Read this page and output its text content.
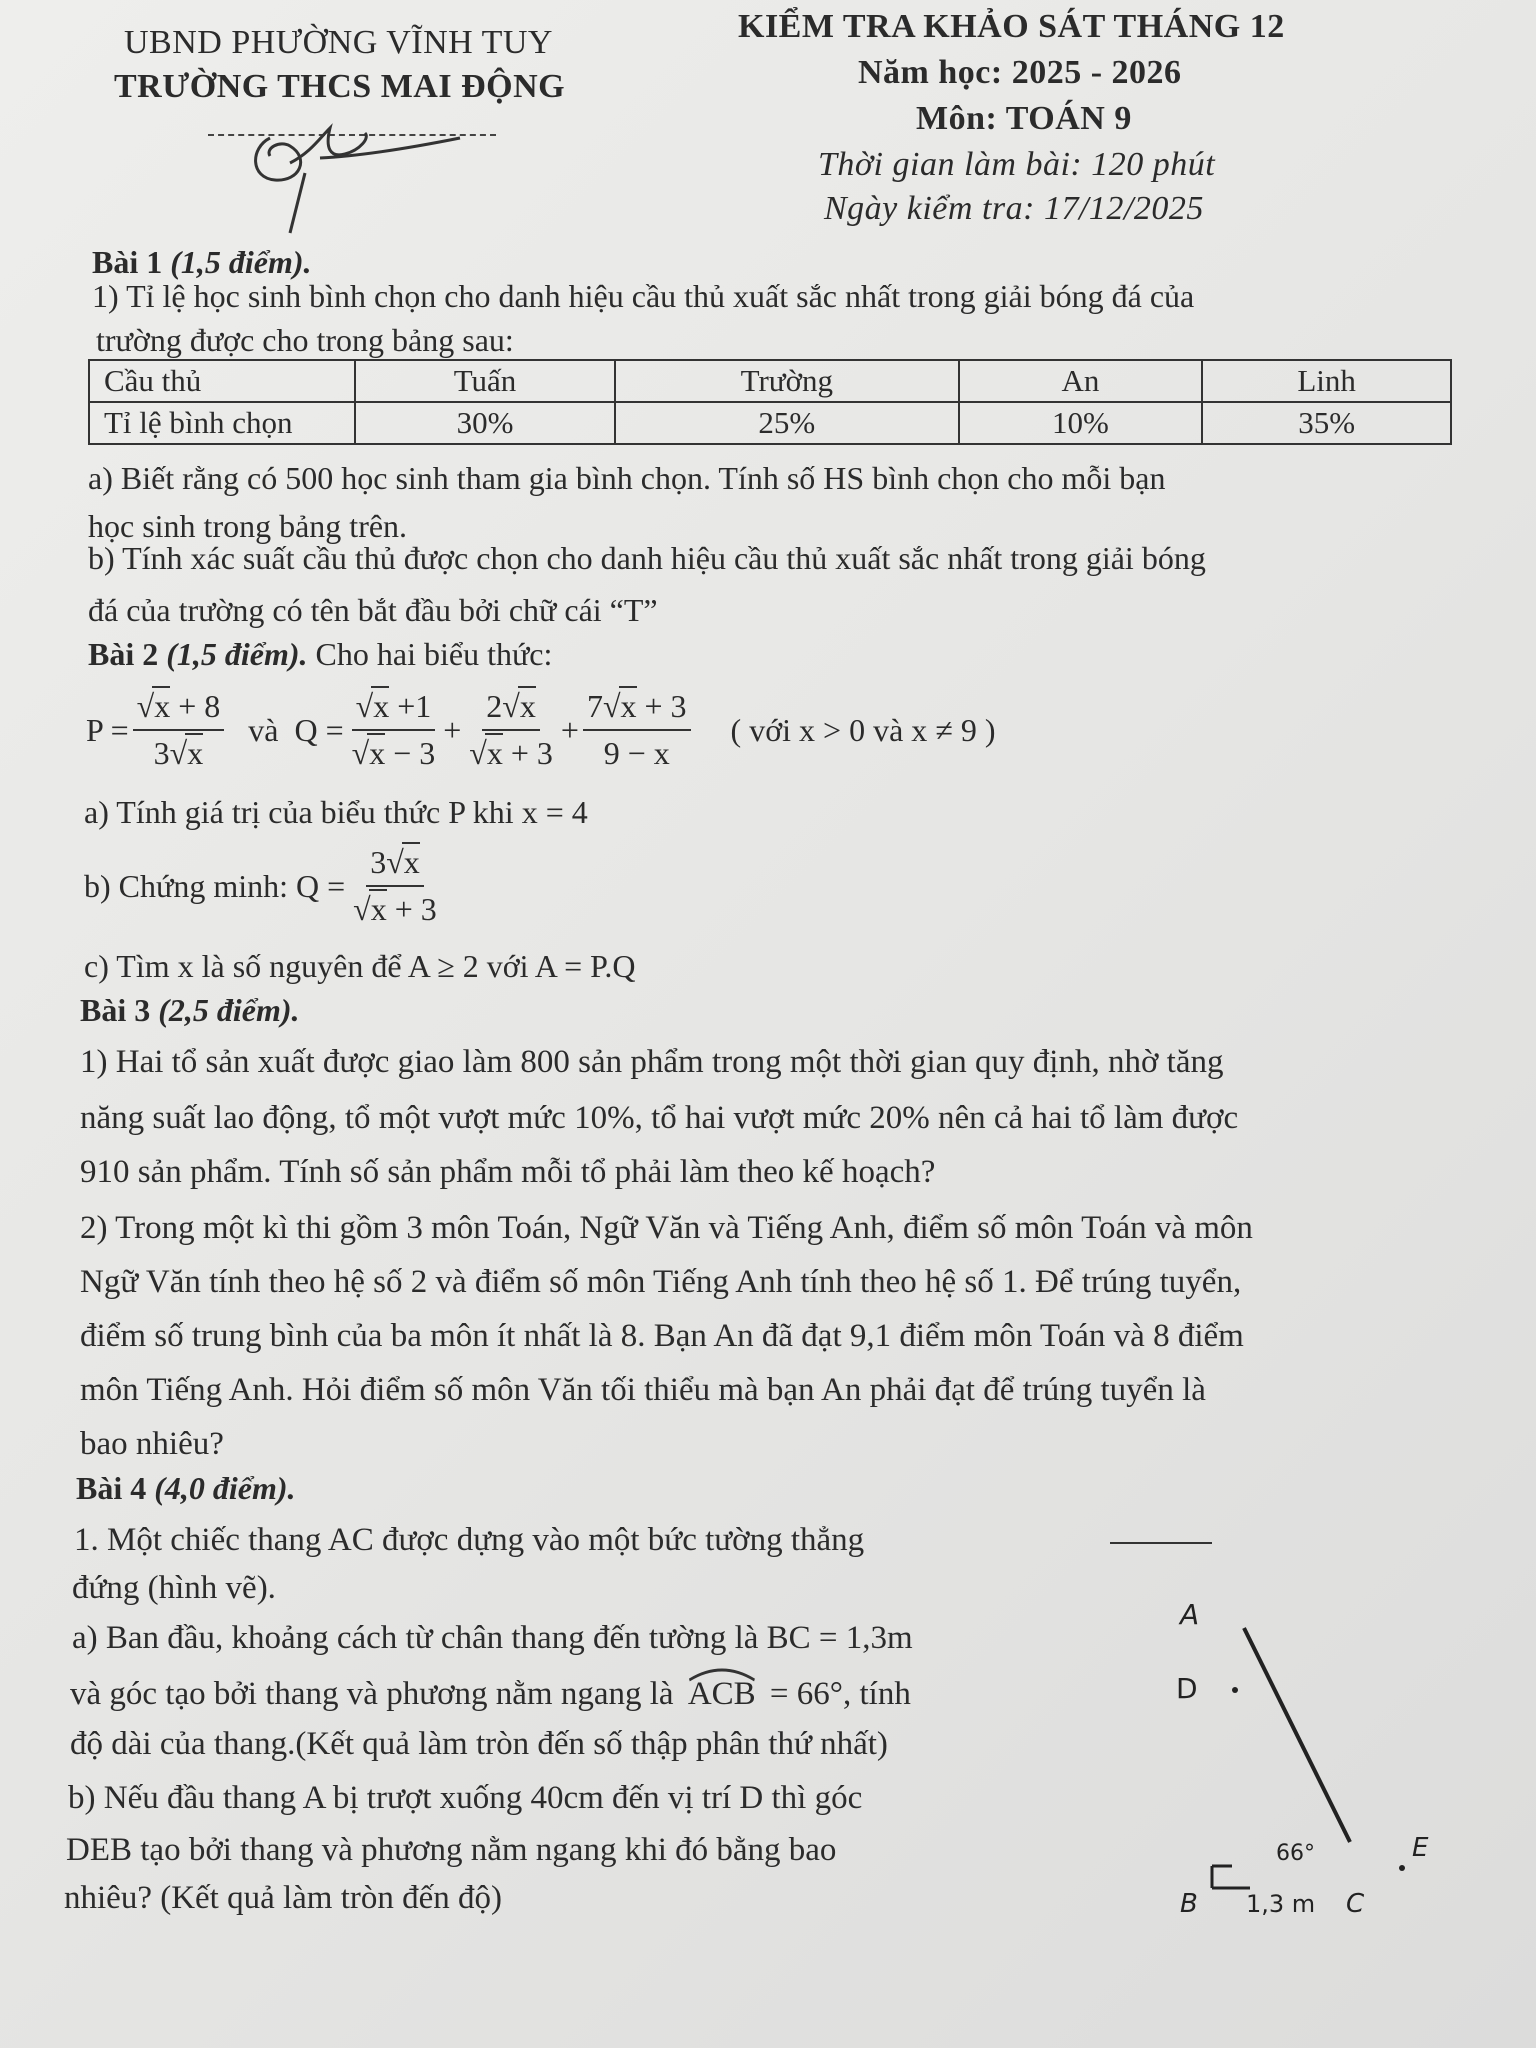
UBND PHƯỜNG VĨNH TUY
TRƯỜNG THCS MAI ĐỘNG
KIỂM TRA KHẢO SÁT THÁNG 12
Năm học: 2025 - 2026
Môn: TOÁN 9
Thời gian làm bài: 120 phút
Ngày kiểm tra: 17/12/2025
Bài 1 (1,5 điểm).
1) Tỉ lệ học sinh bình chọn cho danh hiệu cầu thủ xuất sắc nhất trong giải bóng đá của
trường được cho trong bảng sau:
Cầu thủ	Tuấn	Trường	An	Linh
Tỉ lệ bình chọn	30%	25%	10%	35%
a) Biết rằng có 500 học sinh tham gia bình chọn. Tính số HS bình chọn cho mỗi bạn
học sinh trong bảng trên.
b) Tính xác suất cầu thủ được chọn cho danh hiệu cầu thủ xuất sắc nhất trong giải bóng
đá của trường có tên bắt đầu bởi chữ cái “T”
Bài 2 (1,5 điểm). Cho hai biểu thức:
$P = \frac{√x + 8}{3√x}$ và $Q = \frac{√x +1}{√x - 3} + \frac{2√x}{√x + 3} + \frac{7√x + 3}{9 - x}$ ( với x > 0 và x ≠ 9 )
a) Tính giá trị của biểu thức P khi x = 4
b) Chứng minh: $Q = \frac{3√x}{√x + 3}$
c) Tìm x là số nguyên để A ≥ 2 với A = P.Q
Bài 3 (2,5 điểm).
1) Hai tổ sản xuất được giao làm 800 sản phẩm trong một thời gian quy định, nhờ tăng
năng suất lao động, tổ một vượt mức 10%, tổ hai vượt mức 20% nên cả hai tổ làm được
910 sản phẩm. Tính số sản phẩm mỗi tổ phải làm theo kế hoạch?
2) Trong một kì thi gồm 3 môn Toán, Ngữ Văn và Tiếng Anh, điểm số môn Toán và môn
Ngữ Văn tính theo hệ số 2 và điểm số môn Tiếng Anh tính theo hệ số 1. Để trúng tuyển,
điểm số trung bình của ba môn ít nhất là 8. Bạn An đã đạt 9,1 điểm môn Toán và 8 điểm
môn Tiếng Anh. Hỏi điểm số môn Văn tối thiểu mà bạn An phải đạt để trúng tuyển là
bao nhiêu?
Bài 4 (4,0 điểm).
1. Một chiếc thang AC được dựng vào một bức tường thẳng
đứng (hình vẽ).
a) Ban đầu, khoảng cách từ chân thang đến tường là BC = 1,3m
và góc tạo bởi thang và phương nằm ngang là ACB = 66°, tính
độ dài của thang.(Kết quả làm tròn đến số thập phân thứ nhất)
b) Nếu đầu thang A bị trượt xuống 40cm đến vị trí D thì góc
DEB tạo bởi thang và phương nằm ngang khi đó bằng bao
nhiêu? (Kết quả làm tròn đến độ)
A
D
66°	E
B 1,3 m C
